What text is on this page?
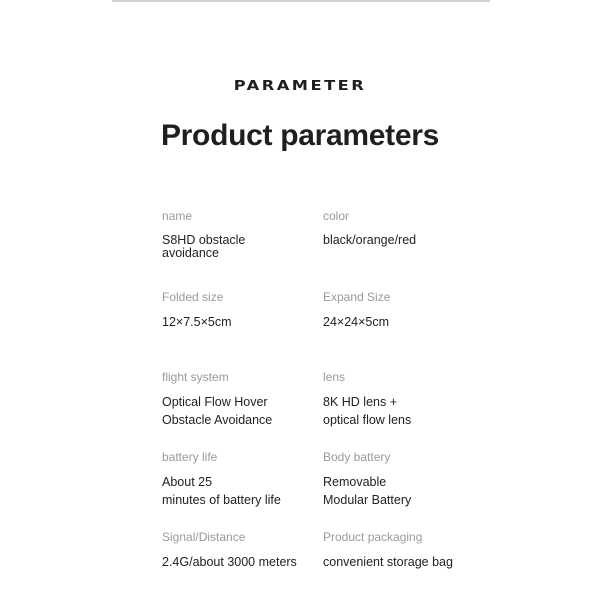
PARAMETER
Product parameters
name
S8HD obstacle
avoidance
color
black/orange/red
Folded size
12×7.5×5cm
Expand Size
24×24×5cm
flight system
Optical Flow Hover
Obstacle Avoidance
lens
8K HD lens +
optical flow lens
battery life
About 25
minutes of battery life
Body battery
Removable
Modular Battery
Signal/Distance
2.4G/about 3000 meters
Product packaging
convenient storage bag
